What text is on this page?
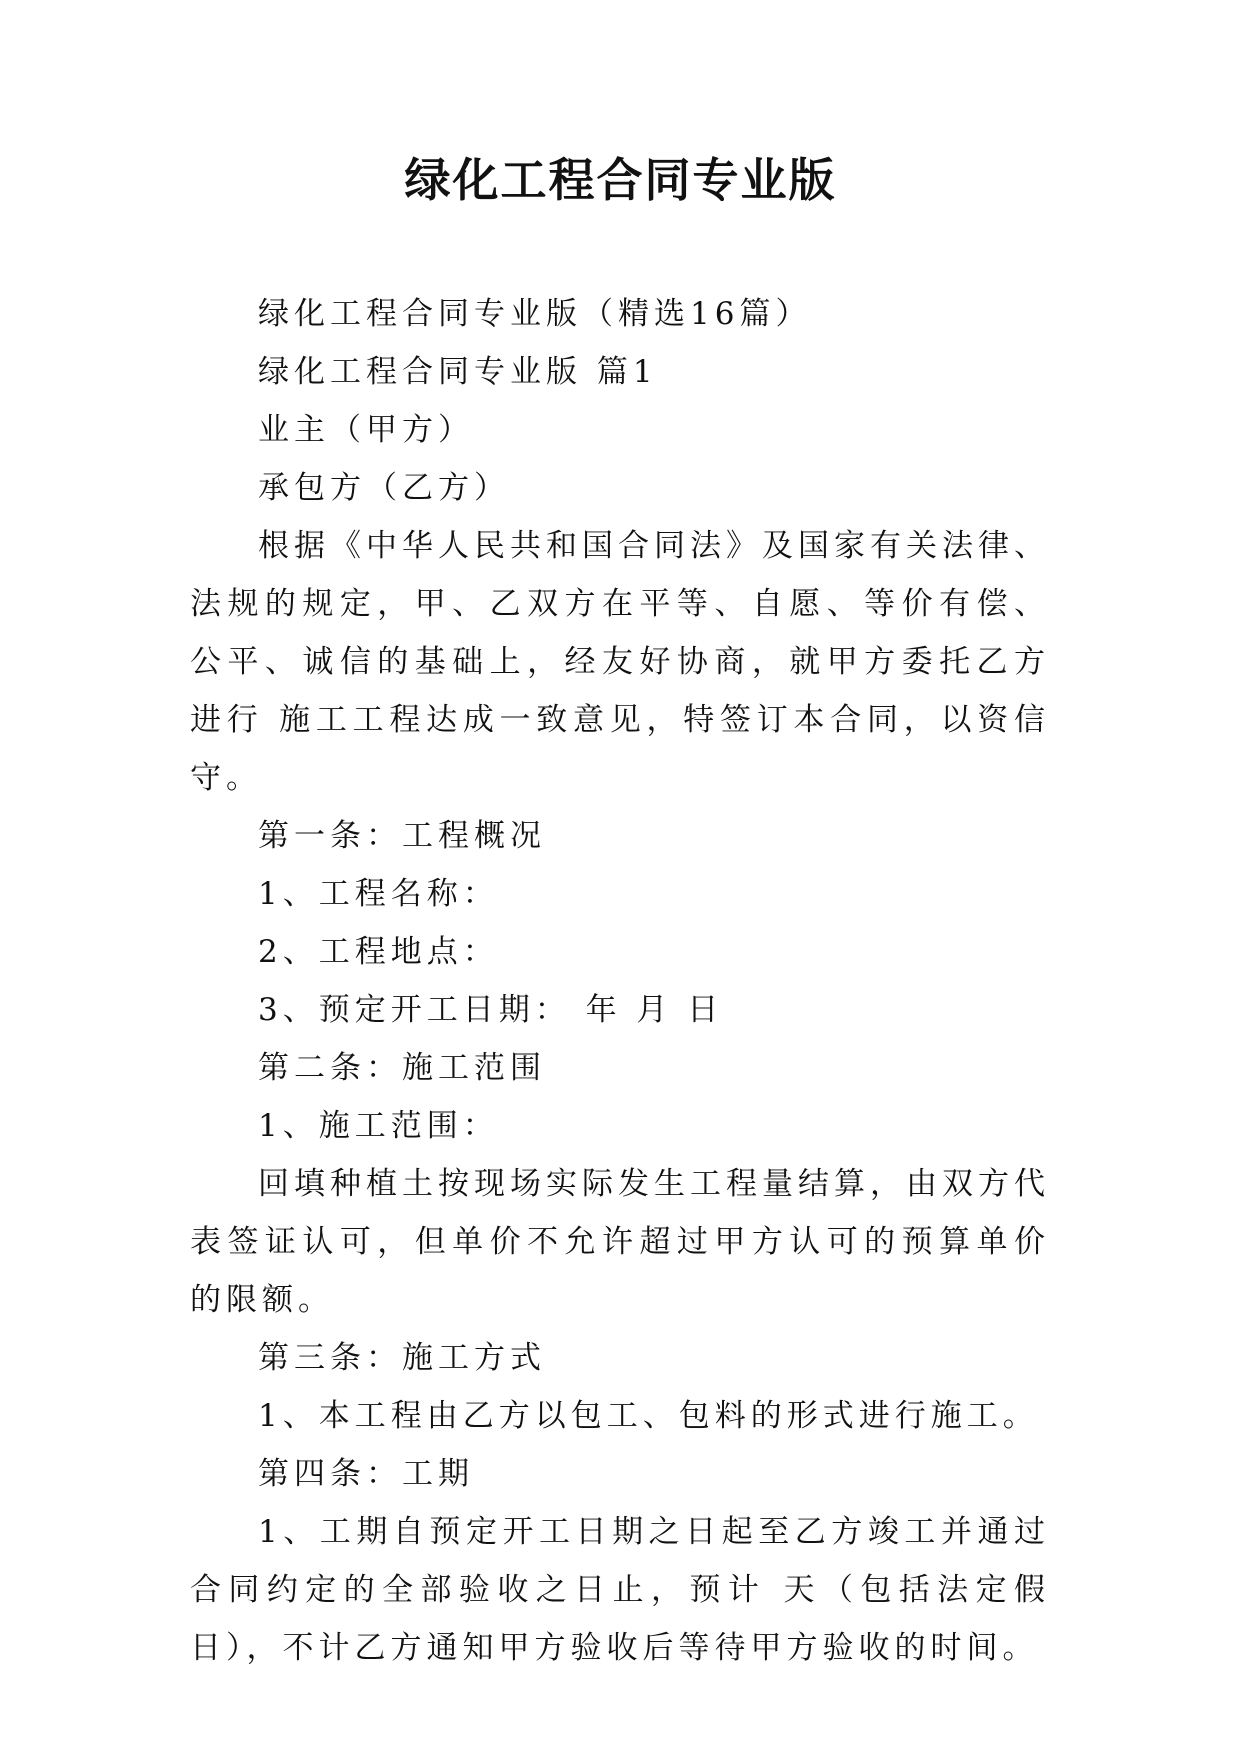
绿化工程合同专业版

绿化工程合同专业版（精选16篇）

绿化工程合同专业版 篇1

业主（甲方）

承包方（乙方）

根据《中华人民共和国合同法》及国家有关法律、法规的规定，甲、乙双方在平等、自愿、等价有偿、公平、诚信的基础上，经友好协商，就甲方委托乙方进行 施工工程达成一致意见，特签订本合同，以资信守。

第一条：工程概况

1、工程名称：

2、工程地点：

3、预定开工日期： 年 月 日

第二条：施工范围

1、施工范围：

回填种植土按现场实际发生工程量结算，由双方代表签证认可，但单价不允许超过甲方认可的预算单价的限额。

第三条：施工方式

1、本工程由乙方以包工、包料的形式进行施工。

第四条：工期

1、工期自预定开工日期之日起至乙方竣工并通过合同约定的全部验收之日止，预计 天（包括法定假日），不计乙方通知甲方验收后等待甲方验收的时间。
